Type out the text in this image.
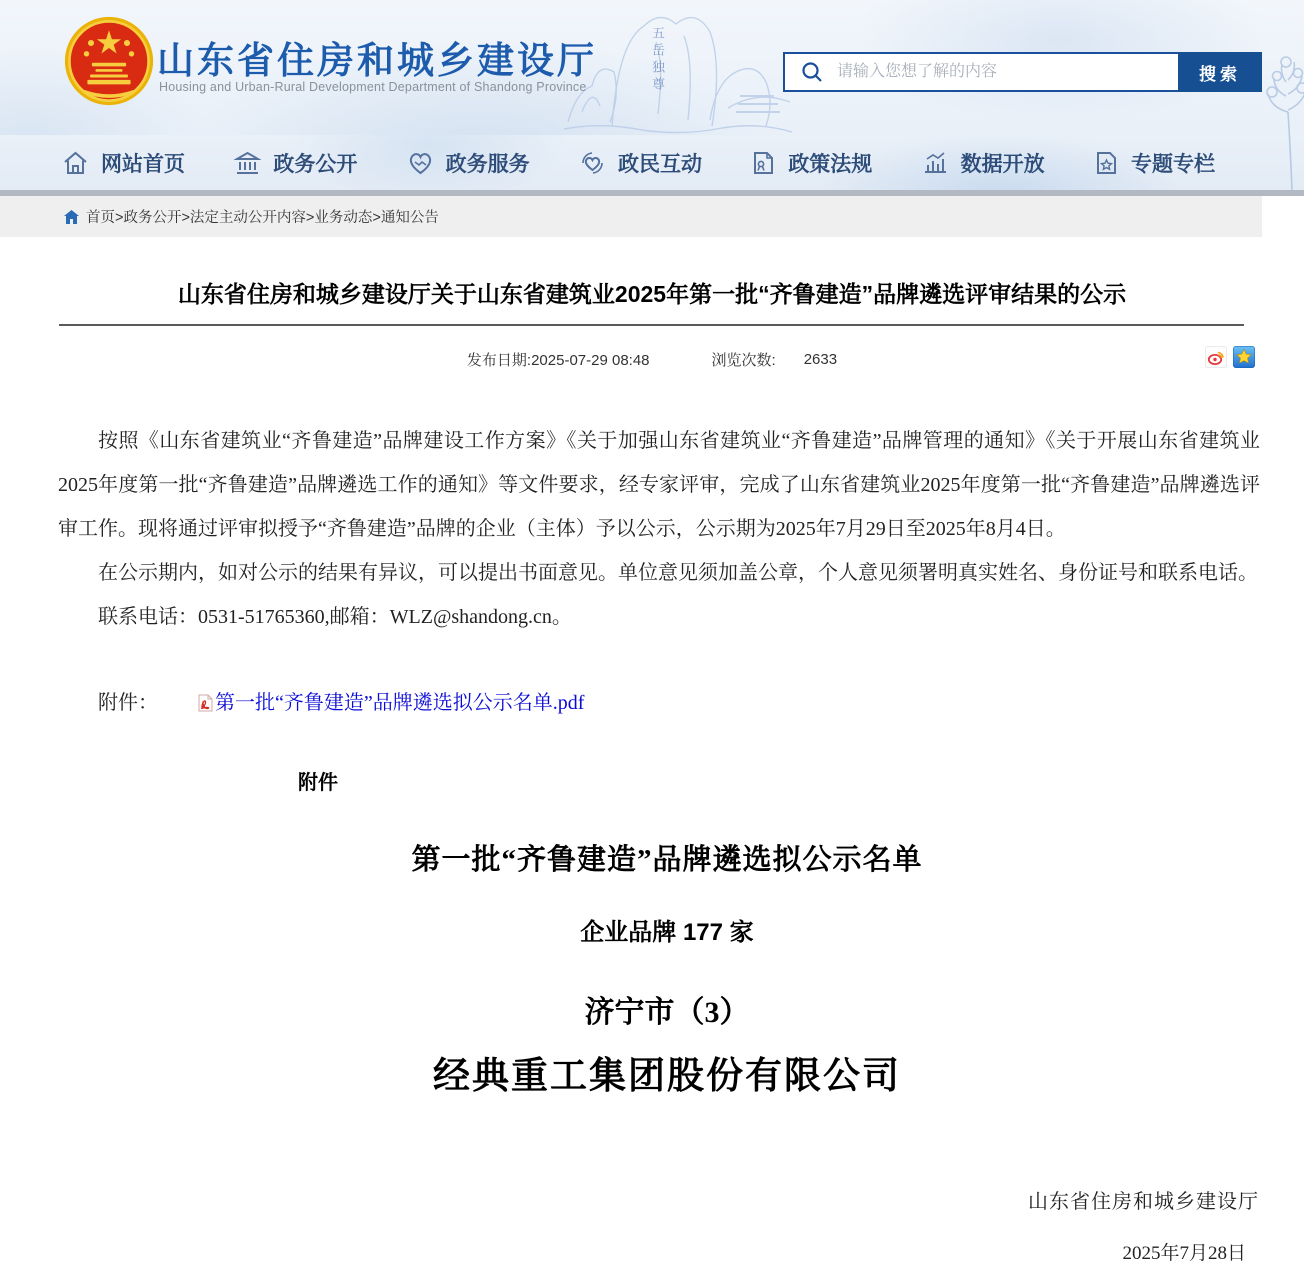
五岳独尊
山东省住房和城乡建设厅
Housing and Urban-Rural Development Department of Shandong Province
请输入您想了解的内容
搜索
网站首页	政务公开	政务服务	政民互动	政策法规	数据开放	专题专栏
首页>政务公开>法定主动公开内容>业务动态>通知公告
山东省住房和城乡建设厅关于山东省建筑业2025年第一批“齐鲁建造”品牌遴选评审结果的公示
发布日期:2025-07-29 08:48	浏览次数: 2633

按照《山东省建筑业“齐鲁建造”品牌建设工作方案》《关于加强山东省建筑业“齐鲁建造”品牌管理的通知》《关于开展山东省建筑业2025年度第一批“齐鲁建造”品牌遴选工作的通知》等文件要求，经专家评审，完成了山东省建筑业2025年度第一批“齐鲁建造”品牌遴选评审工作。现将通过评审拟授予“齐鲁建造”品牌的企业（主体）予以公示，公示期为2025年7月29日至2025年8月4日。

在公示期内，如对公示的结果有异议，可以提出书面意见。单位意见须加盖公章，个人意见须署明真实姓名、身份证号和联系电话。

联系电话：0531-51765360,邮箱：WLZ@shandong.cn。

附件：	第一批“齐鲁建造”品牌遴选拟公示名单.pdf

附件
第一批“齐鲁建造”品牌遴选拟公示名单
企业品牌 177 家
济宁市（3）
经典重工集团股份有限公司
山东省住房和城乡建设厅
2025年7月28日
